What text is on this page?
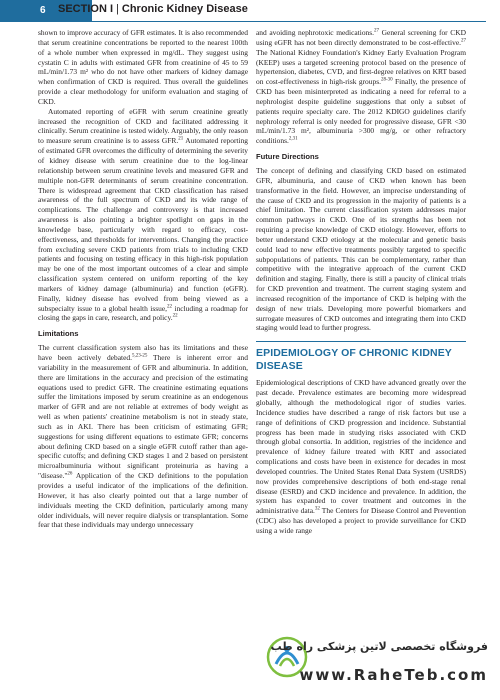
6 SECTION I | Chronic Kidney Disease

shown to improve accuracy of GFR estimates. It is also recommended that serum creatinine concentrations be reported to the nearest 100th of a whole number when expressed in mg/dL. They suggest using cystatin C in adults with estimated GFR from creatinine of 45 to 59 mL/min/1.73 m² who do not have other markers of kidney damage when confirmation of CKD is required. Thus overall the guidelines provide a clear methodology for uniform evaluation and staging of CKD.

Automated reporting of eGFR with serum creatinine greatly increased the recognition of CKD and facilitated addressing it clinically. Serum creatinine is tested widely. Arguably, the only reason to measure serum creatinine is to assess GFR.$^{21}$ Automated reporting of estimated GFR overcomes the difficulty of determining the severity of kidney disease with serum creatinine due to the log-linear relationship between serum creatinine levels and measured GFR and multiple non-GFR determinants of serum creatinine concentration. There is widespread agreement that CKD classification has raised awareness of the full spectrum of CKD and its wide range of complications. The challenge and controversy is that increased awareness is also pointing a brighter spotlight on gaps in the knowledge base, particularly with regard to efficacy, cost-effectiveness, and thresholds for interventions. Changing the practice from excluding severe CKD patients from trials to including CKD patients and focusing on testing efficacy in this high-risk population may be one of the most important outcomes of a clear and simple classification system centered on uniform reporting of the key markers of kidney damage (albuminuria) and function (eGFR). Finally, kidney disease has evolved from being viewed as a subspecialty issue to a global health issue,$^{22}$ including a roadmap for closing the gaps in care, research, and policy.$^{22}$

Limitations

The current classification system also has its limitations and these have been actively debated.$^{5,23-25}$ There is inherent error and variability in the measurement of GFR and albuminuria. In addition, there are limitations in the accuracy and precision of the estimating equations used to predict GFR. The creatinine estimating equations suffer the limitations imposed by serum creatinine as an endogenous marker of GFR and are not reliable at extremes of body weight as well as when patients' creatinine metabolism is not in steady state, such as in AKI. There has been criticism of estimating GFR; suggestions for using different equations to estimate GFR; concerns about defining CKD based on a single eGFR cutoff rather than age-specific cutoffs; and defining CKD stages 1 and 2 based on persistent microalbuminuria without significant proteinuria as having a "disease."$^{26}$ Application of the CKD definitions to the population provides a useful indicator of the implications of the definition. However, it has also clearly pointed out that a large number of individuals meeting the CKD definition, particularly among many older individuals, will never require dialysis or transplantation. Some fear that these individuals may undergo unnecessary

and avoiding nephrotoxic medications.$^{27}$ General screening for CKD using eGFR has not been directly demonstrated to be cost-effective.$^{27}$ The National Kidney Foundation's Kidney Early Evaluation Program (KEEP) uses a targeted screening protocol based on the presence of hypertension, diabetes, CVD, and first-degree relatives on KRT based on cost-effectiveness in high-risk groups.$^{28-30}$ Finally, the presence of CKD has been misinterpreted as indicating a need for referral to a nephrologist despite guideline suggestions that only a subset of patients require specialty care. The 2012 KDIGO guidelines clarify nephrology referral is only needed for progressive disease, GFR <30 mL/min/1.73 m², albuminuria >300 mg/g, or other refractory conditions.$^{2,31}$

Future Directions

The concept of defining and classifying CKD based on estimated GFR, albuminuria, and cause of CKD when known has been transformative in the field. However, an imprecise understanding of the cause of CKD and its progression in the majority of patients is a chief limitation. The current classification system addresses major common pathways in CKD. One of its strengths has been not requiring a precise knowledge of CKD etiology. However, efforts to better understand CKD etiology at the molecular and genetic basis could lead to new effective treatments possibly targeted to specific subpopulations of patients. This can be complementary, rather than competitive with the integrative approach of the current CKD definition and staging. Finally, there is still a paucity of clinical trials for CKD prevention and treatment. The current staging system and increased recognition of the importance of CKD is helping with the design of new trials. Developing more powerful biomarkers and surrogate measures of CKD outcomes and integrating them into CKD staging would lead to further progress.

EPIDEMIOLOGY OF CHRONIC KIDNEY
DISEASE

Epidemiological descriptions of CKD have advanced greatly over the past decade. Prevalence estimates are becoming more widespread globally, although the methodological rigor of studies varies. Incidence studies have described a range of risk factors but use a range of definitions of CKD progression and incidence. Substantial progress has been made in studying risks associated with CKD through global consortia. In addition, registries of the incidence and prevalence of kidney failure treated with KRT and associated complications and costs have been in existence for decades in most developed countries. The United States Renal Data System (USRDS) now provides comprehensive descriptions of both end-stage renal disease (ESRD) and CKD incidence and prevalence. In addition, the system has expanded to cover treatment and outcomes in the administrative data.$^{32}$ The Centers for Disease Control and Prevention (CDC) also has developed a project to provide surveillance for CKD using a wide range

فروشگاه تخصصی لاتین پزشکی راه طب
www.RaheTeb.com
